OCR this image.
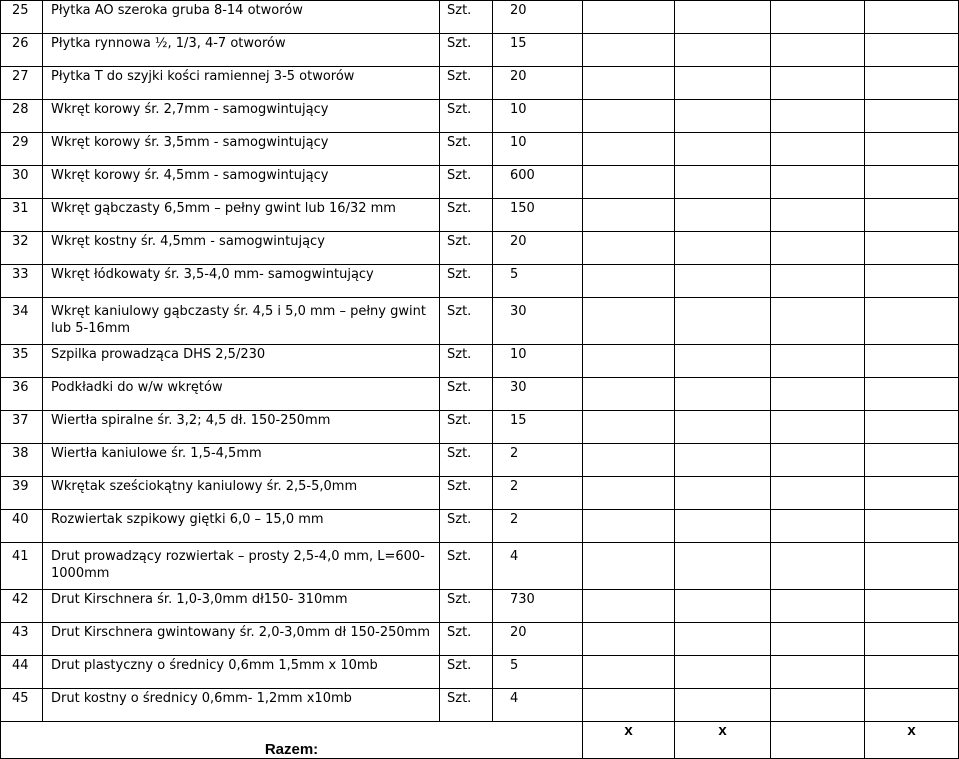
25	Płytka AO szeroka gruba 8-14 otworów	Szt.	20				
26	Płytka rynnowa ½, 1/3, 4-7 otworów	Szt.	15				
27	Płytka T do szyjki kości ramiennej 3-5 otworów	Szt.	20				
28	Wkręt korowy śr. 2,7mm - samogwintujący	Szt.	10				
29	Wkręt korowy śr. 3,5mm - samogwintujący	Szt.	10				
30	Wkręt korowy śr. 4,5mm - samogwintujący	Szt.	600				
31	Wkręt gąbczasty 6,5mm – pełny gwint lub 16/32 mm	Szt.	150				
32	Wkręt kostny śr. 4,5mm - samogwintujący	Szt.	20				
33	Wkręt łódkowaty śr. 3,5-4,0 mm- samogwintujący	Szt.	5				
34	Wkręt kaniulowy gąbczasty śr. 4,5 i 5,0 mm – pełny gwint lub 5-16mm	Szt.	30				
35	Szpilka prowadząca DHS 2,5/230	Szt.	10				
36	Podkładki do w/w wkrętów	Szt.	30				
37	Wiertła spiralne śr. 3,2; 4,5 dł. 150-250mm	Szt.	15				
38	Wiertła kaniulowe śr. 1,5-4,5mm	Szt.	2				
39	Wkrętak sześciokątny kaniulowy śr. 2,5-5,0mm	Szt.	2				
40	Rozwiertak szpikowy giętki 6,0 – 15,0 mm	Szt.	2				
41	Drut prowadzący rozwiertak – prosty 2,5-4,0 mm, L=600-1000mm	Szt.	4				
42	Drut Kirschnera śr. 1,0-3,0mm dł150- 310mm	Szt.	730				
43	Drut Kirschnera gwintowany śr. 2,0-3,0mm dł 150-250mm	Szt.	20				
44	Drut plastyczny o średnicy 0,6mm 1,5mm x 10mb	Szt.	5				
45	Drut kostny o średnicy 0,6mm- 1,2mm x10mb	Szt.	4				

Razem:				x	x		x
